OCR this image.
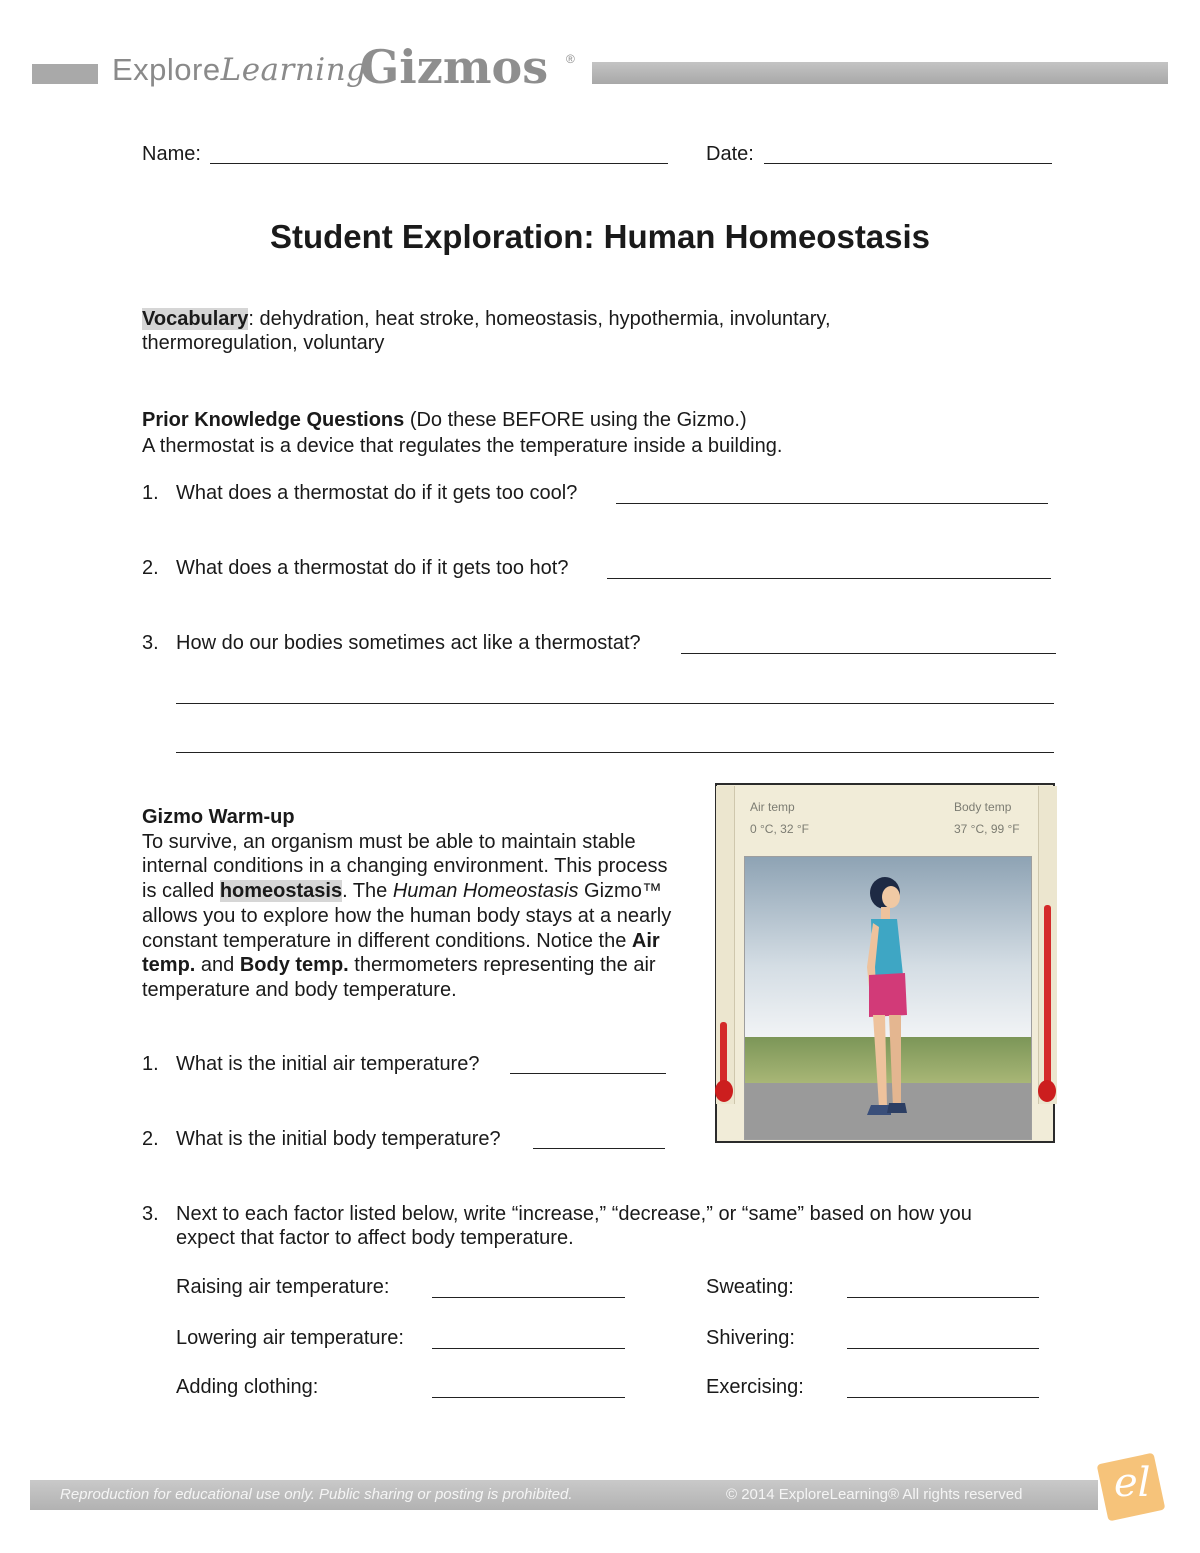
ExploreLearning
Gizmos ®
Name:	Date:
Student Exploration: Human Homeostasis
Vocabulary: dehydration, heat stroke, homeostasis, hypothermia, involuntary,
thermoregulation, voluntary
Prior Knowledge Questions (Do these BEFORE using the Gizmo.)
A thermostat is a device that regulates the temperature inside a building.
1. What does a thermostat do if it gets too cool?
2. What does a thermostat do if it gets too hot?
3. How do our bodies sometimes act like a thermostat?
Gizmo Warm-up
To survive, an organism must be able to maintain stable internal conditions in a changing environment. This process is called homeostasis. The Human Homeostasis Gizmo™ allows you to explore how the human body stays at a nearly constant temperature in different conditions. Notice the Air temp. and Body temp. thermometers representing the air temperature and body temperature.
1. What is the initial air temperature?
2. What is the initial body temperature?
3. Next to each factor listed below, write “increase,” “decrease,” or “same” based on how you
expect that factor to affect body temperature.
Raising air temperature:	Sweating:
Lowering air temperature:	Shivering:
Adding clothing:	Exercising:
Air temp
0 °C, 32 °F
Body temp
37 °C, 99 °F
Reproduction for educational use only. Public sharing or posting is prohibited.	© 2014 ExploreLearning® All rights reserved el
